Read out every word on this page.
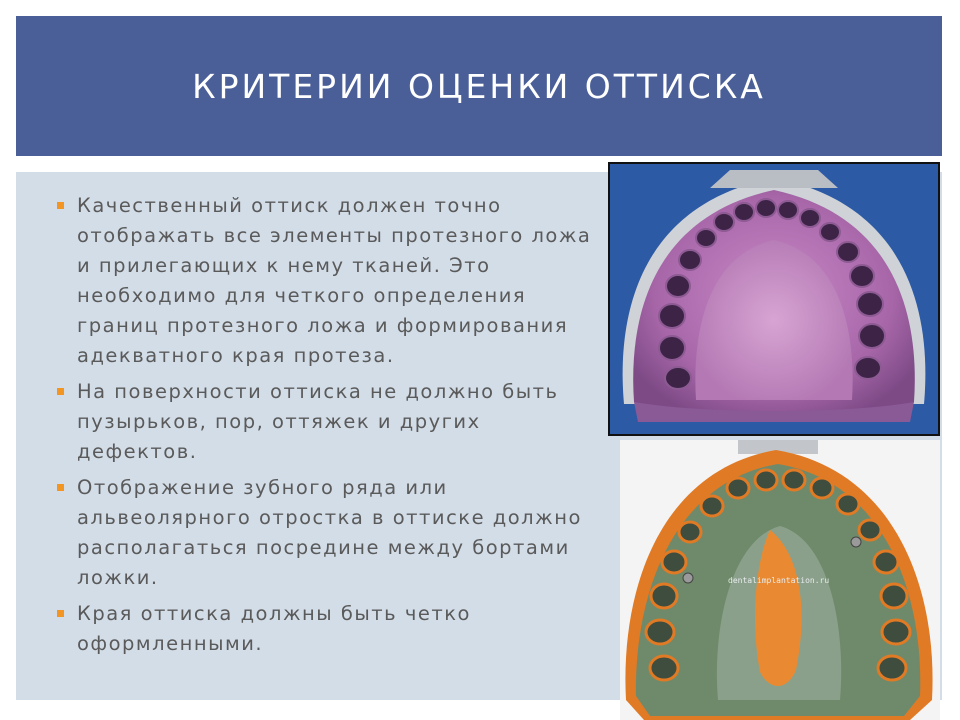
КРИТЕРИИ ОЦЕНКИ ОТТИСКА
Качественный оттиск должен точно отображать все элементы протезного ложа и прилегающих к нему тканей. Это необходимо для четкого определения границ протезного ложа и формирования адекватного края протеза.
На поверхности оттиска не должно быть пузырьков, пор, оттяжек и других дефектов.
Отображение зубного ряда или альвеолярного отростка в оттиске должно располагаться посредине между бортами ложки.
Края оттиска должны быть четко оформленными.
dentalimplantation.ru
